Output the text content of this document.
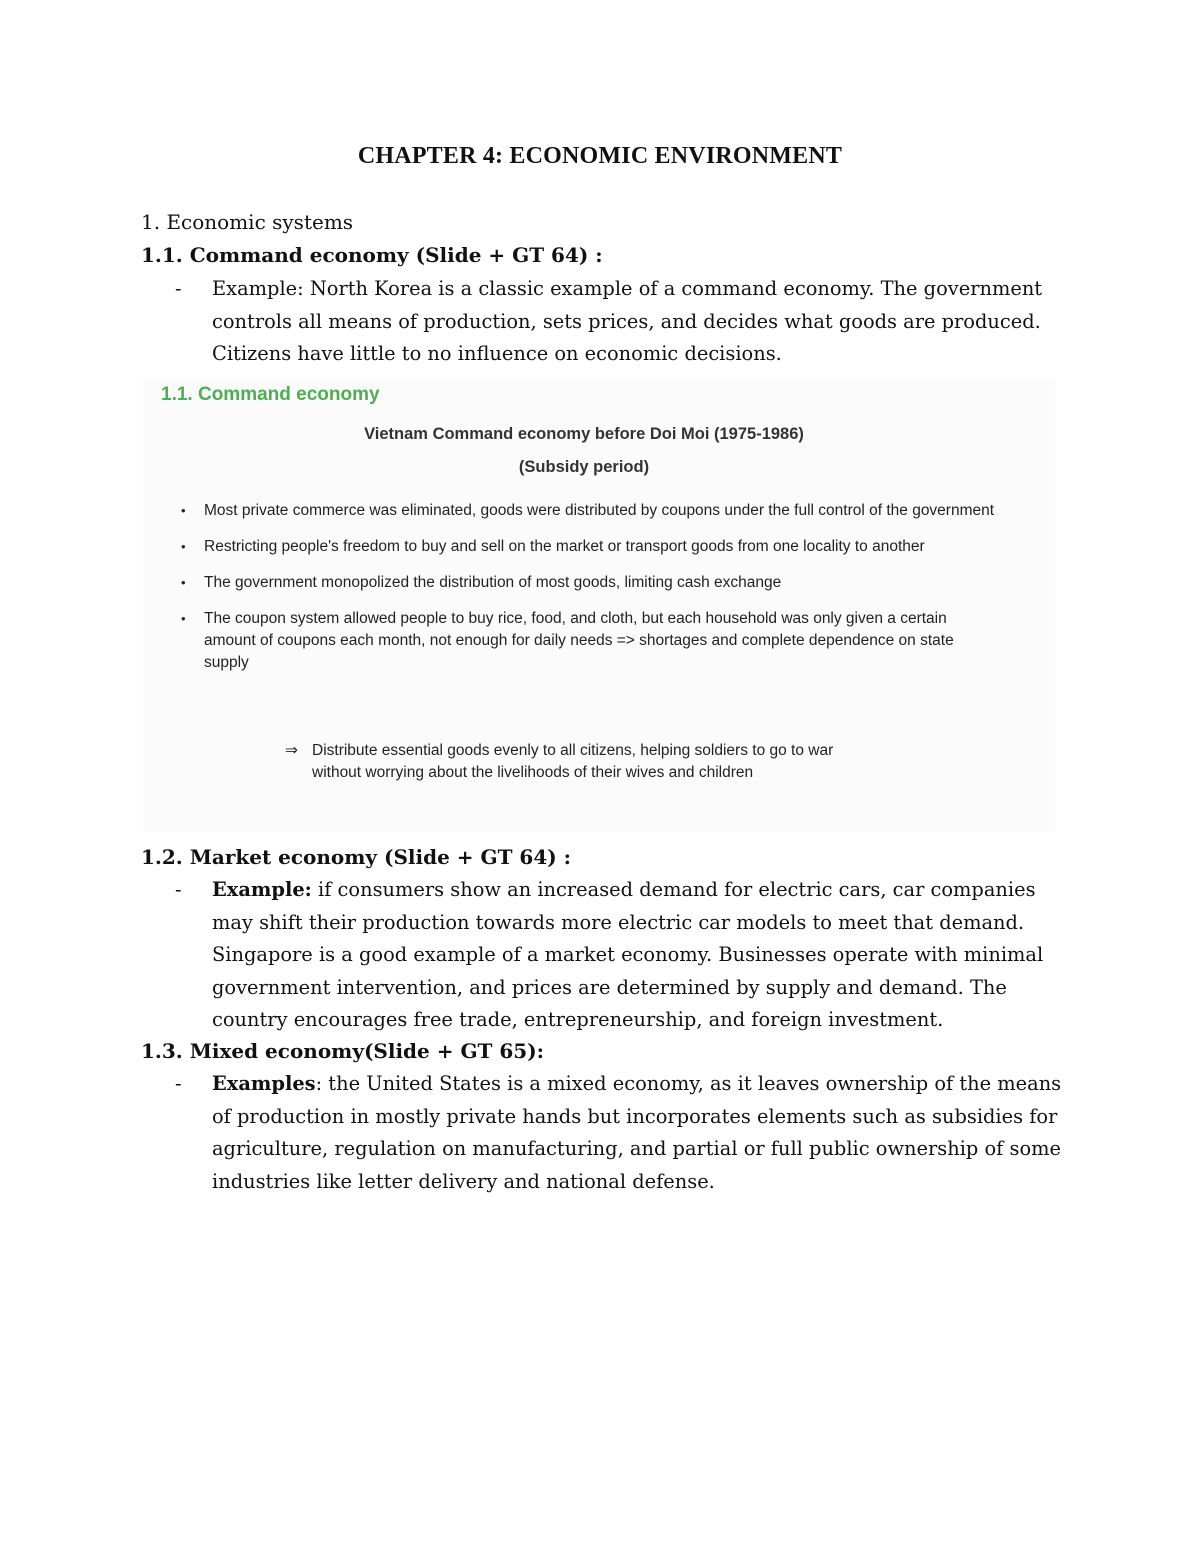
CHAPTER 4: ECONOMIC ENVIRONMENT
1. Economic systems
1.1. Command economy (Slide + GT 64) :
- Example: North Korea is a classic example of a command economy. The government controls all means of production, sets prices, and decides what goods are produced. Citizens have little to no influence on economic decisions.
1.1. Command economy
Vietnam Command economy before Doi Moi (1975-1986)
(Subsidy period)
• Most private commerce was eliminated, goods were distributed by coupons under the full control of the government
• Restricting people's freedom to buy and sell on the market or transport goods from one locality to another
• The government monopolized the distribution of most goods, limiting cash exchange
• The coupon system allowed people to buy rice, food, and cloth, but each household was only given a certain amount of coupons each month, not enough for daily needs => shortages and complete dependence on state supply
⇒ Distribute essential goods evenly to all citizens, helping soldiers to go to war without worrying about the livelihoods of their wives and children
1.2. Market economy (Slide + GT 64) :
- Example: if consumers show an increased demand for electric cars, car companies may shift their production towards more electric car models to meet that demand. Singapore is a good example of a market economy. Businesses operate with minimal government intervention, and prices are determined by supply and demand. The country encourages free trade, entrepreneurship, and foreign investment.
1.3. Mixed economy(Slide + GT 65):
- Examples: the United States is a mixed economy, as it leaves ownership of the means of production in mostly private hands but incorporates elements such as subsidies for agriculture, regulation on manufacturing, and partial or full public ownership of some industries like letter delivery and national defense.
